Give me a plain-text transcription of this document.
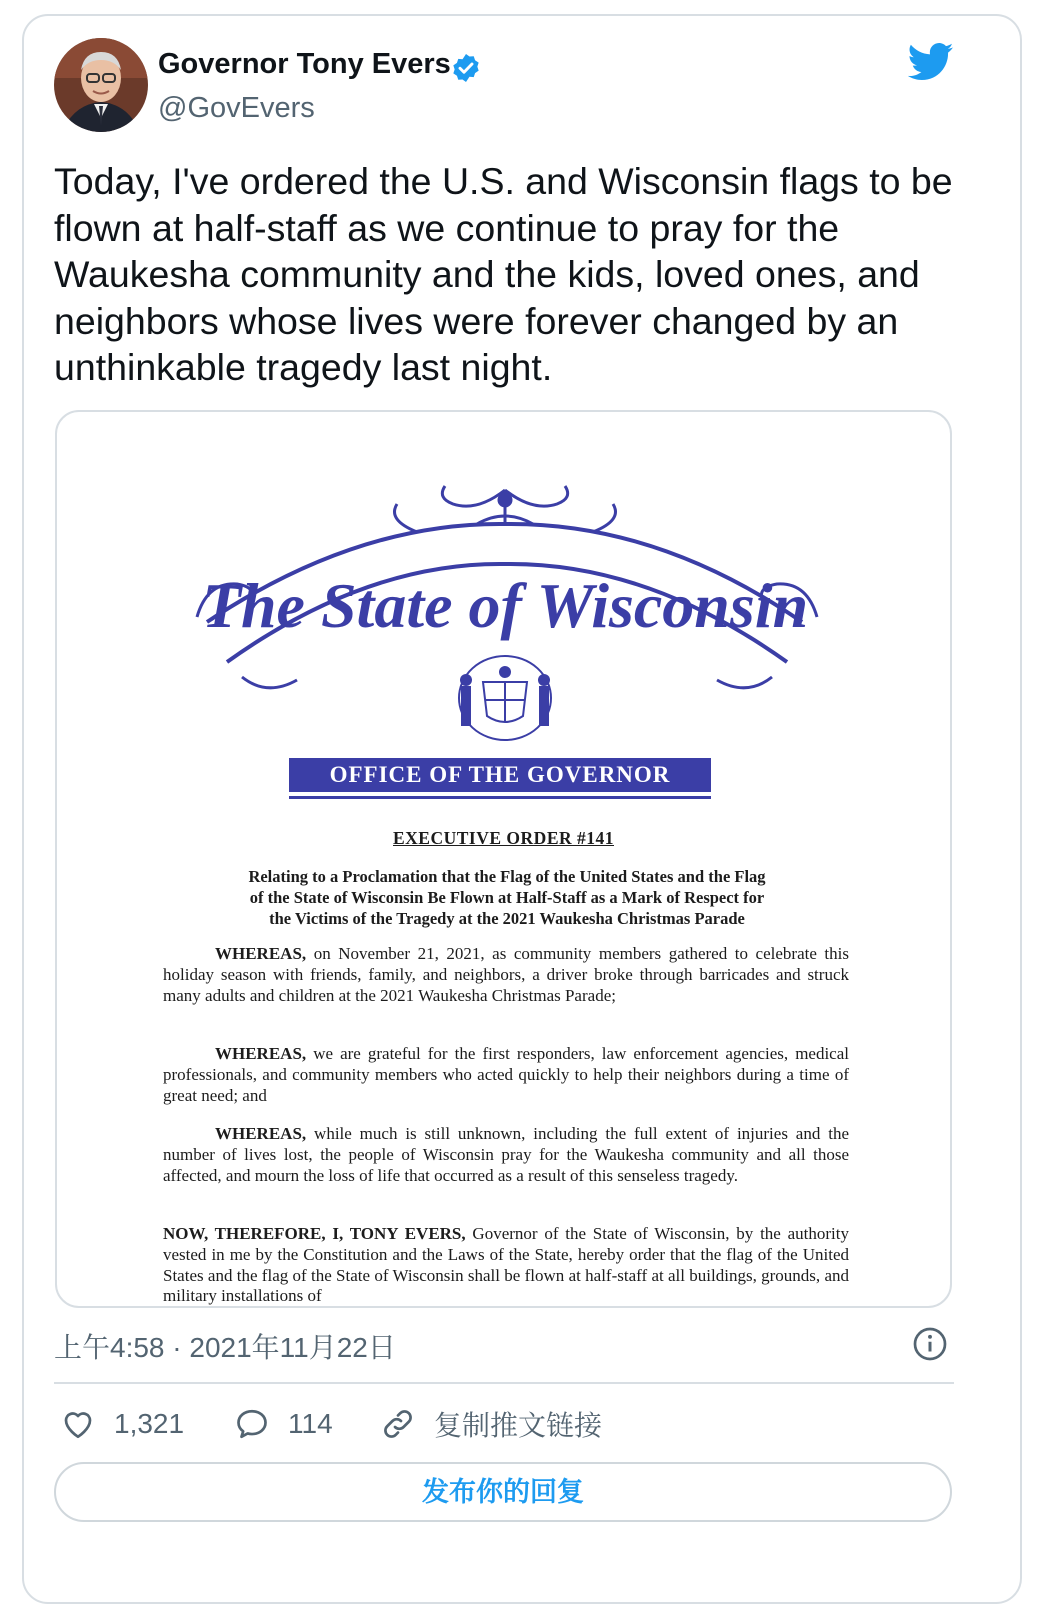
Governor Tony Evers
@GovEvers
Today, I've ordered the U.S. and Wisconsin flags to be flown at half-staff as we continue to pray for the Waukesha community and the kids, loved ones, and neighbors whose lives were forever changed by an unthinkable tragedy last night.
The State of Wisconsin
OFFICE OF THE GOVERNOR
EXECUTIVE ORDER #141
Relating to a Proclamation that the Flag of the United States and the Flag
of the State of Wisconsin Be Flown at Half-Staff as a Mark of Respect for
the Victims of the Tragedy at the 2021 Waukesha Christmas Parade
WHEREAS, on November 21, 2021, as community members gathered to celebrate this holiday season with friends, family, and neighbors, a driver broke through barricades and struck many adults and children at the 2021 Waukesha Christmas Parade;
WHEREAS, we are grateful for the first responders, law enforcement agencies, medical professionals, and community members who acted quickly to help their neighbors during a time of great need; and
WHEREAS, while much is still unknown, including the full extent of injuries and the number of lives lost, the people of Wisconsin pray for the Waukesha community and all those affected, and mourn the loss of life that occurred as a result of this senseless tragedy.
NOW, THEREFORE, I, TONY EVERS, Governor of the State of Wisconsin, by the authority vested in me by the Constitution and the Laws of the State, hereby order that the flag of the United States and the flag of the State of Wisconsin shall be flown at half-staff at all buildings, grounds, and military installations of
上午4:58 · 2021年11月22日
1,321	114	复制推文链接
发布你的回复
